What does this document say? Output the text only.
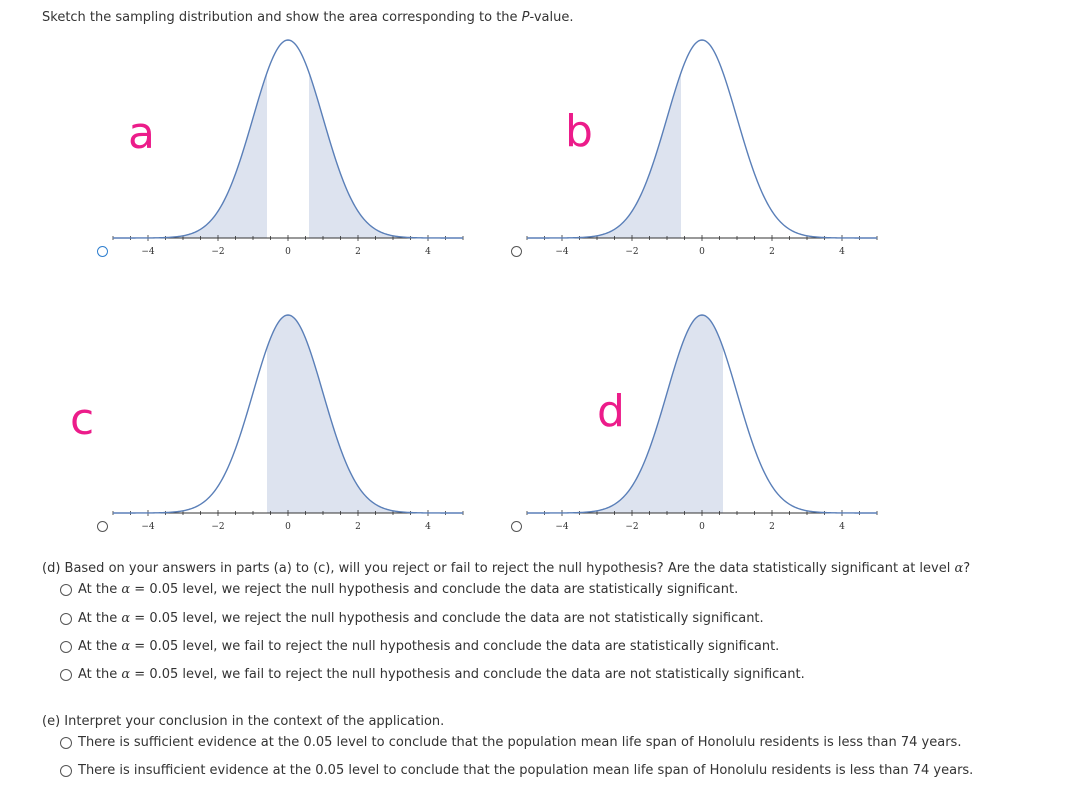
Sketch the sampling distribution and show the area corresponding to the P-value.
a
−4	−2	0	2	4
b
−4	−2	0	2	4
c
−4	−2	0	2	4
d
−4	−2	0	2	4
(d) Based on your answers in parts (a) to (c), will you reject or fail to reject the null hypothesis? Are the data statistically significant at level α?
At the α = 0.05 level, we reject the null hypothesis and conclude the data are statistically significant.
At the α = 0.05 level, we reject the null hypothesis and conclude the data are not statistically significant.
At the α = 0.05 level, we fail to reject the null hypothesis and conclude the data are statistically significant.
At the α = 0.05 level, we fail to reject the null hypothesis and conclude the data are not statistically significant.
(e) Interpret your conclusion in the context of the application.
There is sufficient evidence at the 0.05 level to conclude that the population mean life span of Honolulu residents is less than 74 years.
There is insufficient evidence at the 0.05 level to conclude that the population mean life span of Honolulu residents is less than 74 years.
